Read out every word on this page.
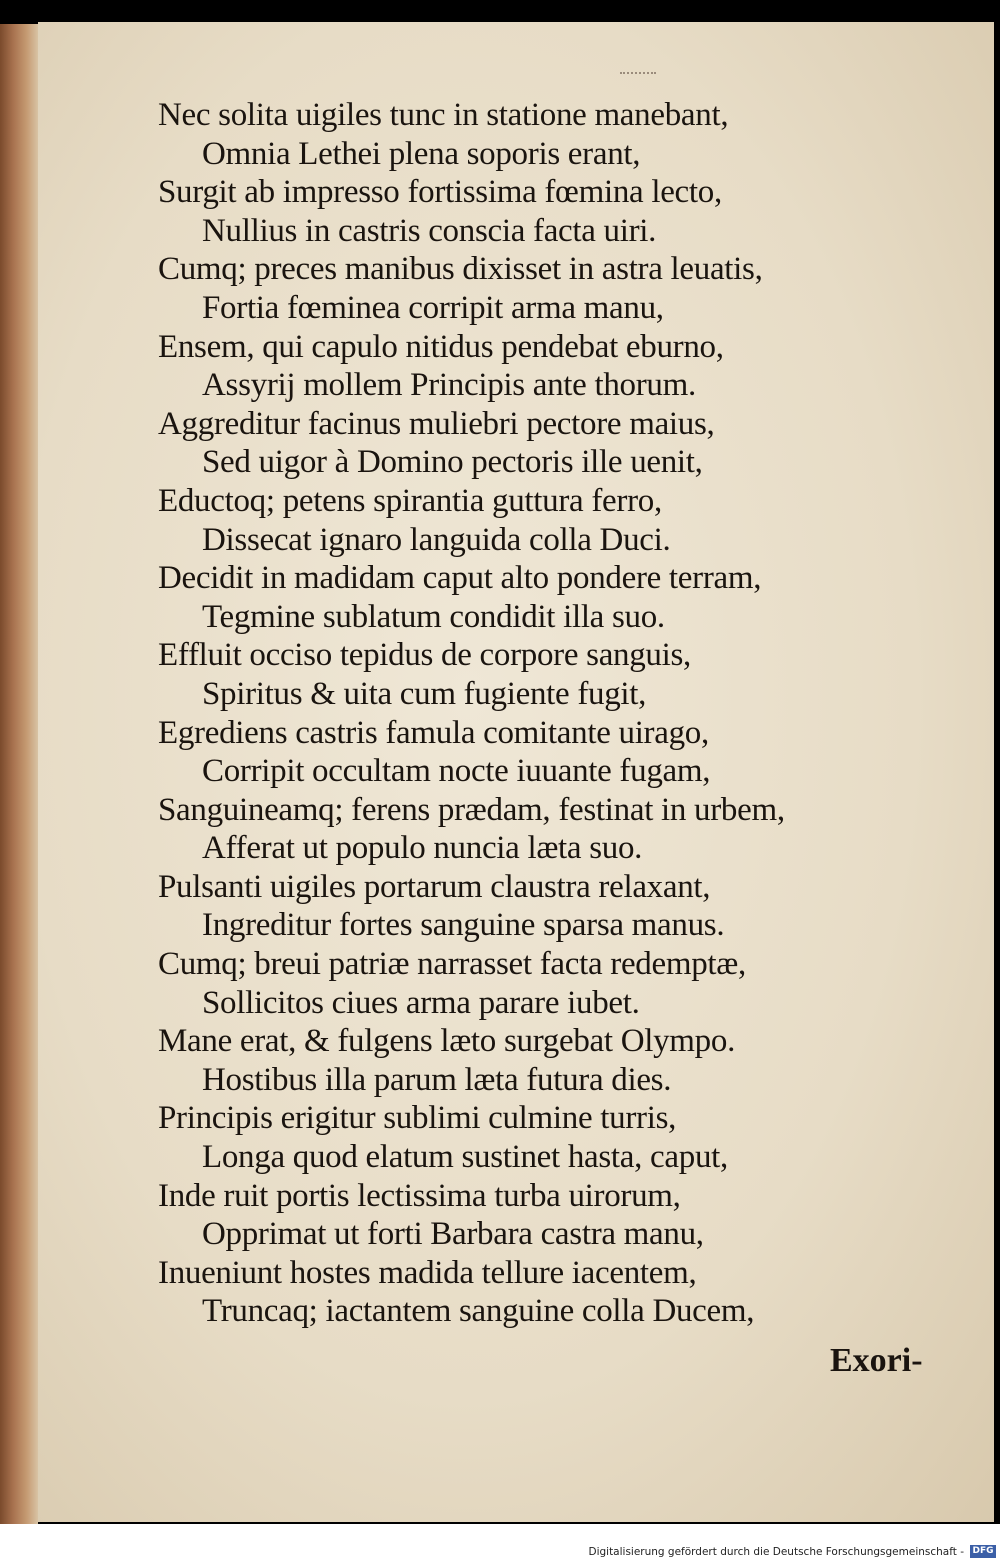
Nec solita uigiles tunc in statione manebant,
Omnia Lethei plena soporis erant,
Surgit ab impresso fortissima fœmina lecto,
Nullius in castris conscia facta uiri.
Cumq; preces manibus dixisset in astra leuatis,
Fortia fœminea corripit arma manu,
Ensem, qui capulo nitidus pendebat eburno,
Assyrij mollem Principis ante thorum.
Aggreditur facinus muliebri pectore maius,
Sed uigor à Domino pectoris ille uenit,
Eductoq; petens spirantia guttura ferro,
Dissecat ignaro languida colla Duci.
Decidit in madidam caput alto pondere terram,
Tegmine sublatum condidit illa suo.
Effluit occiso tepidus de corpore sanguis,
Spiritus & uita cum fugiente fugit,
Egrediens castris famula comitante uirago,
Corripit occultam nocte iuuante fugam,
Sanguineamq; ferens prædam, festinat in urbem,
Afferat ut populo nuncia læta suo.
Pulsanti uigiles portarum claustra relaxant,
Ingreditur fortes sanguine sparsa manus.
Cumq; breui patriæ narrasset facta redemptæ,
Sollicitos ciues arma parare iubet.
Mane erat, & fulgens læto surgebat Olympo.
Hostibus illa parum læta futura dies.
Principis erigitur sublimi culmine turris,
Longa quod elatum sustinet hasta, caput,
Inde ruit portis lectissima turba uirorum,
Opprimat ut forti Barbara castra manu,
Inueniunt hostes madida tellure iacentem,
Truncaq; iactantem sanguine colla Ducem,
Exori-
Digitalisierung gefördert durch die Deutsche Forschungsgemeinschaft - DFG
